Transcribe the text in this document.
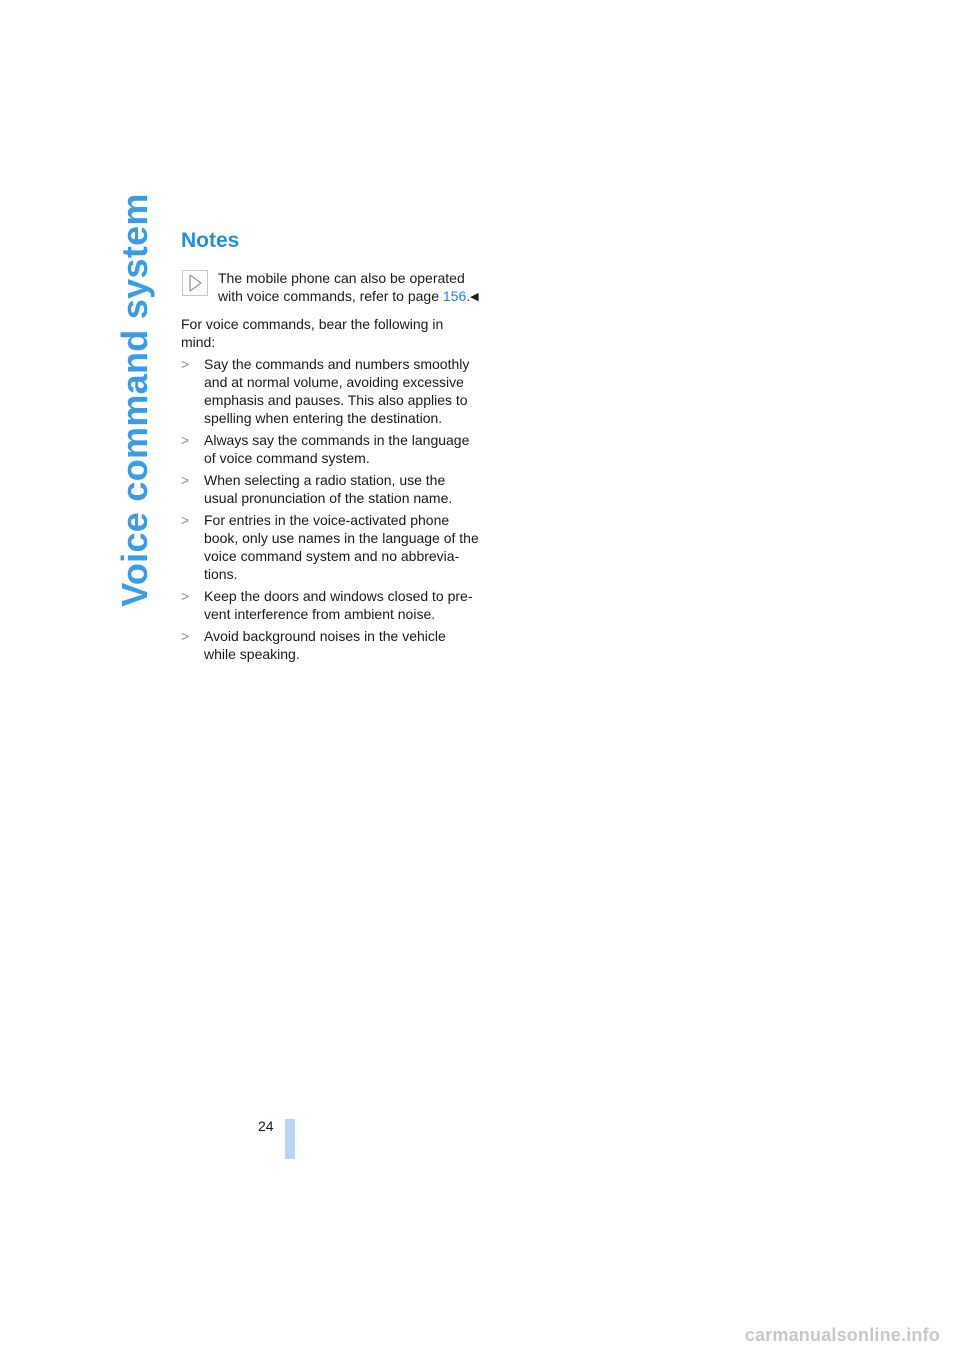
Voice command system Notes

The mobile phone can also be operated with voice commands, refer to page 156.◀

For voice commands, bear the following in mind:

> Say the commands and numbers smoothly and at normal volume, avoiding excessive emphasis and pauses. This also applies to spelling when entering the destination.
> Always say the commands in the language of voice command system.
> When selecting a radio station, use the usual pronunciation of the station name.
> For entries in the voice-activated phone book, only use names in the language of the voice command system and no abbrevia-tions.
> Keep the doors and windows closed to pre-vent interference from ambient noise.
> Avoid background noises in the vehicle while speaking.
24
carmanualsonline.info
